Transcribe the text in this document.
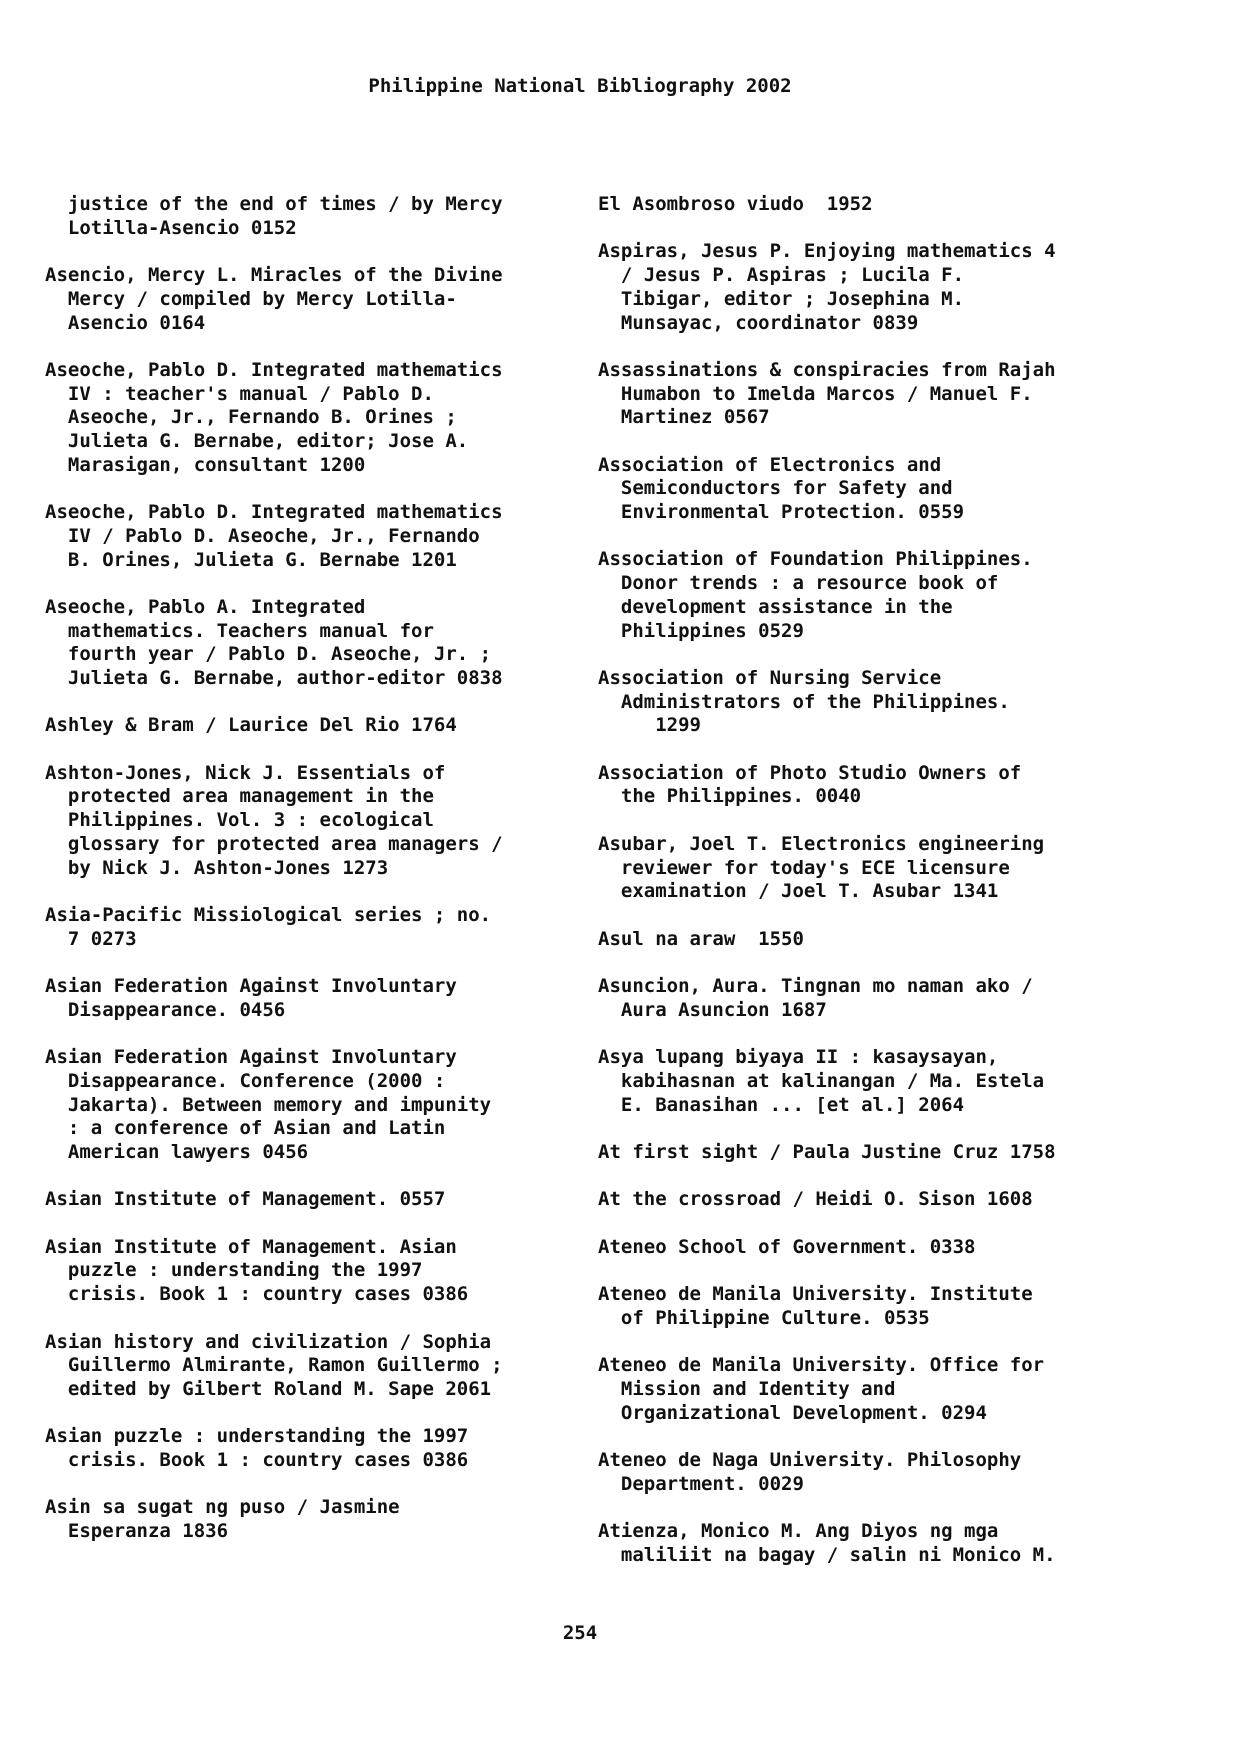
Philippine National Bibliography 2002
justice of the end of times / by Mercy
Lotilla-Asencio 0152
Asencio, Mercy L. Miracles of the Divine
Mercy / compiled by Mercy Lotilla-
Asencio 0164
Aseoche, Pablo D. Integrated mathematics
IV : teacher's manual / Pablo D.
Aseoche, Jr., Fernando B. Orines ;
Julieta G. Bernabe, editor; Jose A.
Marasigan, consultant 1200
Aseoche, Pablo D. Integrated mathematics
IV / Pablo D. Aseoche, Jr., Fernando
B. Orines, Julieta G. Bernabe 1201
Aseoche, Pablo A. Integrated
mathematics. Teachers manual for
fourth year / Pablo D. Aseoche, Jr. ;
Julieta G. Bernabe, author-editor 0838
Ashley & Bram / Laurice Del Rio 1764
Ashton-Jones, Nick J. Essentials of
protected area management in the
Philippines. Vol. 3 : ecological
glossary for protected area managers /
by Nick J. Ashton-Jones 1273
Asia-Pacific Missiological series ; no.
7 0273
Asian Federation Against Involuntary
Disappearance. 0456
Asian Federation Against Involuntary
Disappearance. Conference (2000 :
Jakarta). Between memory and impunity
: a conference of Asian and Latin
American lawyers 0456
Asian Institute of Management. 0557
Asian Institute of Management. Asian
puzzle : understanding the 1997
crisis. Book 1 : country cases 0386
Asian history and civilization / Sophia
Guillermo Almirante, Ramon Guillermo ;
edited by Gilbert Roland M. Sape 2061
Asian puzzle : understanding the 1997
crisis. Book 1 : country cases 0386
Asin sa sugat ng puso / Jasmine
Esperanza 1836
El Asombroso viudo  1952
Aspiras, Jesus P. Enjoying mathematics 4
/ Jesus P. Aspiras ; Lucila F.
Tibigar, editor ; Josephina M.
Munsayac, coordinator 0839
Assassinations & conspiracies from Rajah
Humabon to Imelda Marcos / Manuel F.
Martinez 0567
Association of Electronics and
Semiconductors for Safety and
Environmental Protection. 0559
Association of Foundation Philippines.
Donor trends : a resource book of
development assistance in the
Philippines 0529
Association of Nursing Service
Administrators of the Philippines.
1299
Association of Photo Studio Owners of
the Philippines. 0040
Asubar, Joel T. Electronics engineering
reviewer for today's ECE licensure
examination / Joel T. Asubar 1341
Asul na araw  1550
Asuncion, Aura. Tingnan mo naman ako /
Aura Asuncion 1687
Asya lupang biyaya II : kasaysayan,
kabihasnan at kalinangan / Ma. Estela
E. Banasihan ... [et al.] 2064
At first sight / Paula Justine Cruz 1758
At the crossroad / Heidi O. Sison 1608
Ateneo School of Government. 0338
Ateneo de Manila University. Institute
of Philippine Culture. 0535
Ateneo de Manila University. Office for
Mission and Identity and
Organizational Development. 0294
Ateneo de Naga University. Philosophy
Department. 0029
Atienza, Monico M. Ang Diyos ng mga
maliliit na bagay / salin ni Monico M.
254
